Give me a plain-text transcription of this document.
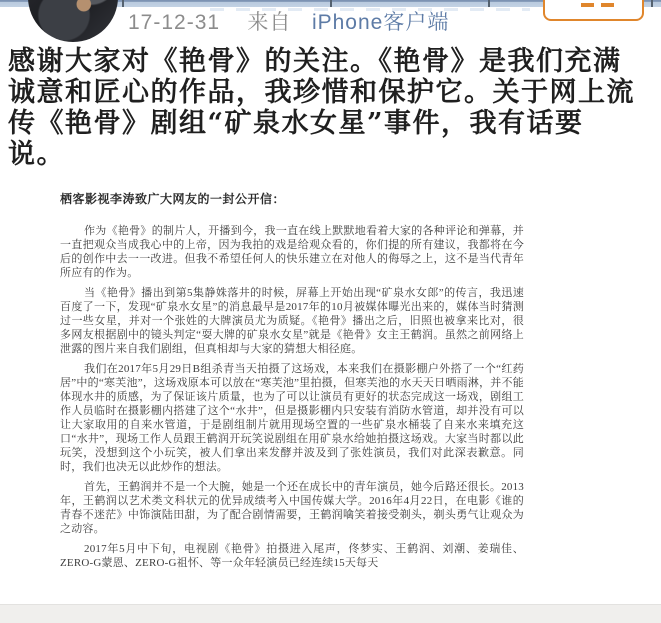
17-12-31 来自 iPhone客户端
感谢大家对《艳骨》的关注。《艳骨》是我们充满
诚意和匠心的作品，我珍惜和保护它。关于网上流
传《艳骨》剧组“矿泉水女星”事件，我有话要
说。
栖客影视李涛致广大网友的一封公开信：

作为《艳骨》的制片人，开播到今，我一直在线上默默地看着大家的各种评论和弹幕，并一直把观众当成我心中的上帝，因为我拍的戏是给观众看的，你们提的所有建议，我都将在今后的创作中去一一改进。但我不希望任何人的快乐建立在对他人的侮辱之上，这不是当代青年所应有的作为。

当《艳骨》播出到第5集静姝落井的时候，屏幕上开始出现“矿泉水女郎”的传言，我迅速百度了一下，发现“矿泉水女星”的消息最早是2017年的10月被媒体曝光出来的，媒体当时猜测过一些女星，并对一个张姓的大牌演员尤为质疑。《艳骨》播出之后，旧照也被拿来比对，很多网友根据剧中的镜头判定“耍大牌的矿泉水女星”就是《艳骨》女主王鹤润。虽然之前网络上泄露的图片来自我们剧组，但真相却与大家的猜想大相径庭。

我们在2017年5月29日B组杀青当天拍摄了这场戏，本来我们在摄影棚户外搭了一个“红药居”中的“寒芙池”，这场戏原本可以放在“寒芙池”里拍摄，但寒芙池的水天天日晒雨淋，并不能体现水井的质感，为了保证该片质量，也为了可以让演员有更好的状态完成这一场戏，剧组工作人员临时在摄影棚内搭建了这个“水井”，但是摄影棚内只安装有消防水管道，却并没有可以让大家取用的自来水管道，于是剧组制片就用现场空置的一些矿泉水桶装了自来水来填充这口“水井”，现场工作人员跟王鹤润开玩笑说剧组在用矿泉水给她拍摄这场戏。大家当时都以此玩笑，没想到这个小玩笑，被人们拿出来发酵并波及到了张姓演员，我们对此深表歉意。同时，我们也决无以此炒作的想法。

首先，王鹤润并不是一个大腕，她是一个还在成长中的青年演员，她今后路还很长。2013年，王鹤润以艺术类文科状元的优异成绩考入中国传媒大学。2016年4月22日，在电影《谁的青春不迷茫》中饰演陆田甜，为了配合剧情需要，王鹤润噙笑着接受剃头，剃头勇气让观众为之动容。

2017年5月中下旬，电视剧《艳骨》拍摄进入尾声，佟梦实、王鹤润、刘潮、姜瑞佳、ZERO-G蒙恩、ZERO-G祖怀、等一众年轻演员已经连续15天每天
